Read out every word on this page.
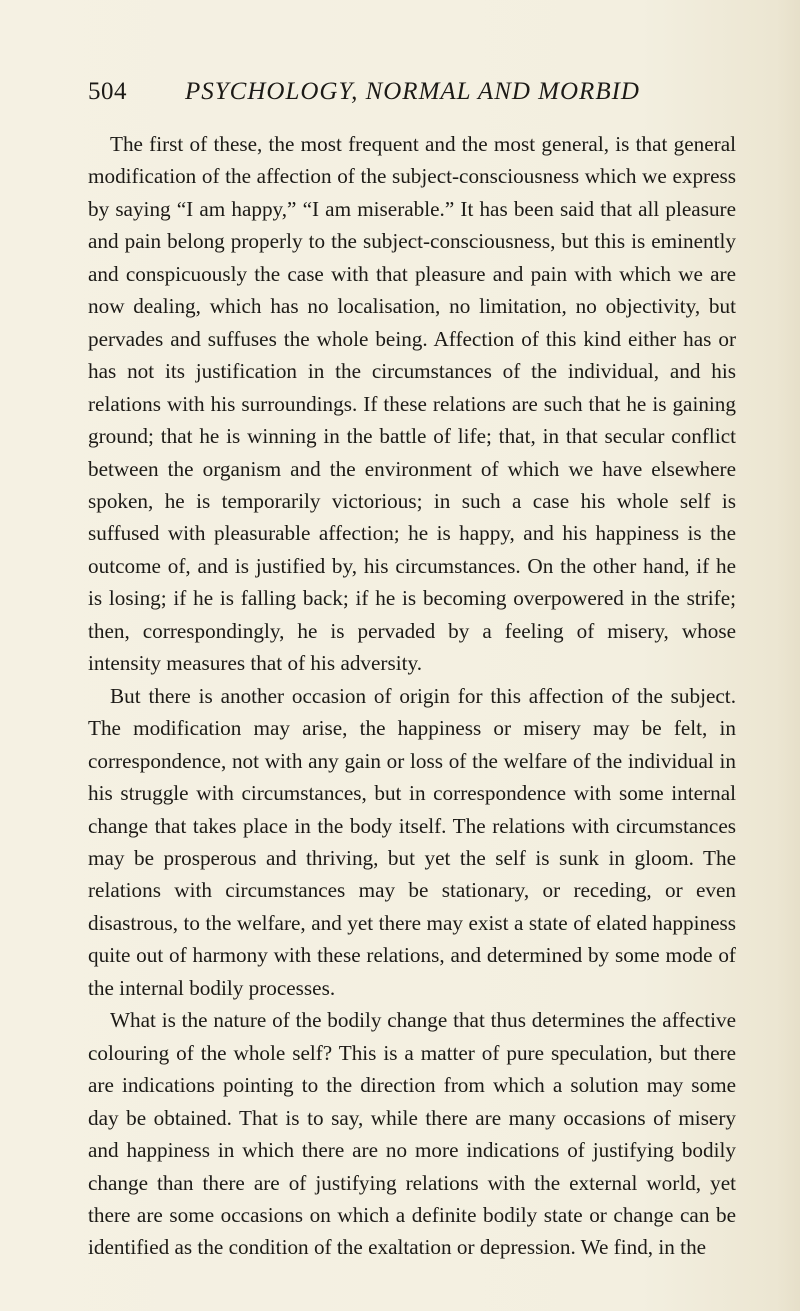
504 PSYCHOLOGY, NORMAL AND MORBID

The first of these, the most frequent and the most general, is that general modification of the affection of the subject-consciousness which we express by saying “I am happy,” “I am miserable.” It has been said that all pleasure and pain belong properly to the subject-consciousness, but this is eminently and conspicuously the case with that pleasure and pain with which we are now dealing, which has no localisation, no limitation, no objectivity, but pervades and suffuses the whole being. Affection of this kind either has or has not its justification in the circumstances of the individual, and his relations with his surroundings. If these relations are such that he is gaining ground; that he is winning in the battle of life; that, in that secular conflict between the organism and the environment of which we have elsewhere spoken, he is temporarily victorious; in such a case his whole self is suffused with pleasurable affection; he is happy, and his happiness is the outcome of, and is justified by, his circumstances. On the other hand, if he is losing; if he is falling back; if he is becoming overpowered in the strife; then, correspondingly, he is pervaded by a feeling of misery, whose intensity measures that of his adversity.

But there is another occasion of origin for this affection of the subject. The modification may arise, the happiness or misery may be felt, in correspondence, not with any gain or loss of the welfare of the individual in his struggle with circumstances, but in correspondence with some internal change that takes place in the body itself. The relations with circumstances may be prosperous and thriving, but yet the self is sunk in gloom. The relations with circumstances may be stationary, or receding, or even disastrous, to the welfare, and yet there may exist a state of elated happiness quite out of harmony with these relations, and determined by some mode of the internal bodily processes.

What is the nature of the bodily change that thus determines the affective colouring of the whole self? This is a matter of pure speculation, but there are indications pointing to the direction from which a solution may some day be obtained. That is to say, while there are many occasions of misery and happiness in which there are no more indications of justifying bodily change than there are of justifying relations with the external world, yet there are some occasions on which a definite bodily state or change can be identified as the condition of the exaltation or depression. We find, in the
